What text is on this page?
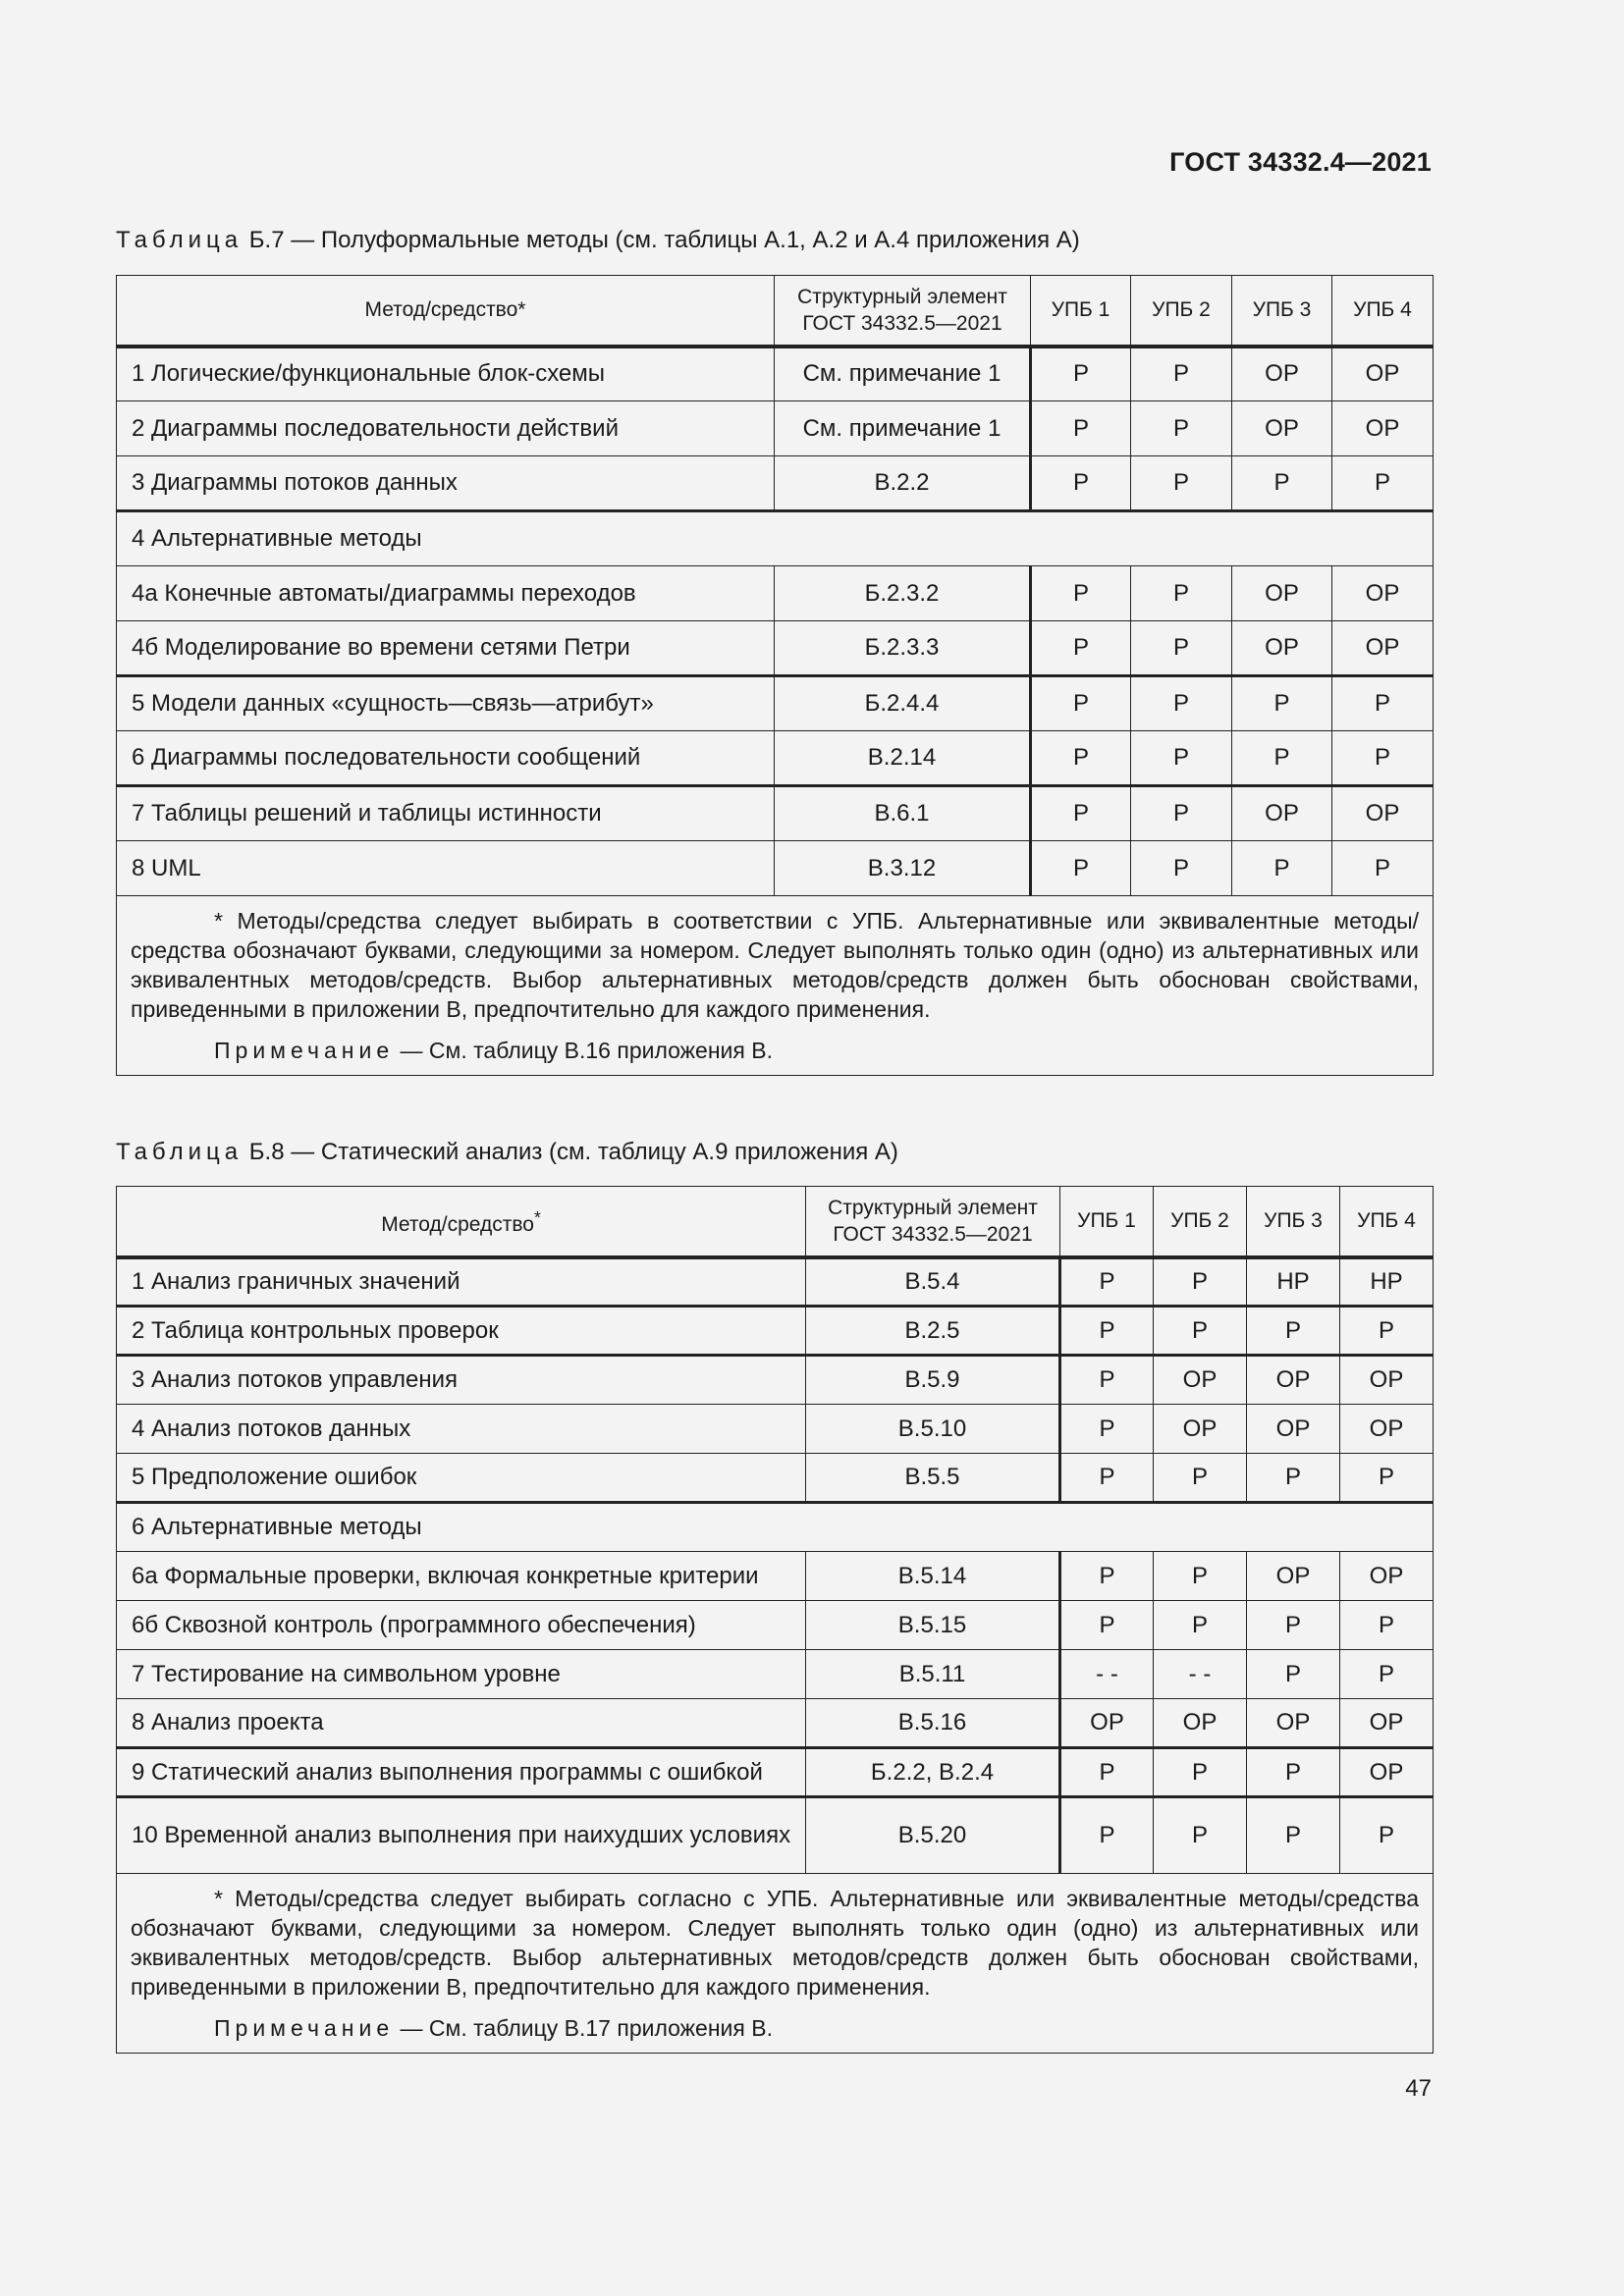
ГОСТ 34332.4—2021
Таблица Б.7 — Полуформальные методы (см. таблицы А.1, А.2 и А.4 приложения А)
Метод/средство*	Структурный элемент ГОСТ 34332.5—2021	УПБ 1	УПБ 2	УПБ 3	УПБ 4
1 Логические/функциональные блок-схемы	См. примечание 1	Р	Р	ОР	ОР
2 Диаграммы последовательности действий	См. примечание 1	Р	Р	ОР	ОР
3 Диаграммы потоков данных	В.2.2	Р	Р	Р	Р
4 Альтернативные методы					
4а Конечные автоматы/диаграммы переходов	Б.2.3.2	Р	Р	ОР	ОР
4б Моделирование во времени сетями Петри	Б.2.3.3	Р	Р	ОР	ОР
5 Модели данных «сущность—связь—атрибут»	Б.2.4.4	Р	Р	Р	Р
6 Диаграммы последовательности сообщений	В.2.14	Р	Р	Р	Р
7 Таблицы решений и таблицы истинности	В.6.1	Р	Р	ОР	ОР
8 UML	В.3.12	Р	Р	Р	Р

* Методы/средства следует выбирать в соответствии с УПБ. Альтернативные или эквивалентные методы/средства обозначают буквами, следующими за номером. Следует выполнять только один (одно) из альтернативных или эквивалентных методов/средств. Выбор альтернативных методов/средств должен быть обоснован свойствами, приведенными в приложении В, предпочтительно для каждого применения.

Примечание — См. таблицу В.16 приложения В.					

Таблица Б.8 — Статический анализ (см. таблицу А.9 приложения А)
Метод/средство*	Структурный элемент ГОСТ 34332.5—2021	УПБ 1	УПБ 2	УПБ 3	УПБ 4
1 Анализ граничных значений	В.5.4	Р	Р	НР	НР
2 Таблица контрольных проверок	В.2.5	Р	Р	Р	Р
3 Анализ потоков управления	В.5.9	Р	ОР	ОР	ОР
4 Анализ потоков данных	В.5.10	Р	ОР	ОР	ОР
5 Предположение ошибок	В.5.5	Р	Р	Р	Р
6 Альтернативные методы					
6а Формальные проверки, включая конкретные критерии	В.5.14	Р	Р	ОР	ОР
6б Сквозной контроль (программного обеспечения)	В.5.15	Р	Р	Р	Р
7 Тестирование на символьном уровне	В.5.11	- -	- -	Р	Р
8 Анализ проекта	В.5.16	ОР	ОР	ОР	ОР
9 Статический анализ выполнения программы с ошибкой	Б.2.2, В.2.4	Р	Р	Р	ОР
10 Временной анализ выполнения при наихудших условиях	В.5.20	Р	Р	Р	Р

* Методы/средства следует выбирать согласно с УПБ. Альтернативные или эквивалентные методы/средства обозначают буквами, следующими за номером. Следует выполнять только один (одно) из альтернативных или эквивалентных методов/средств. Выбор альтернативных методов/средств должен быть обоснован свойствами, приведенными в приложении В, предпочтительно для каждого применения.

Примечание — См. таблицу В.17 приложения В.					

47
